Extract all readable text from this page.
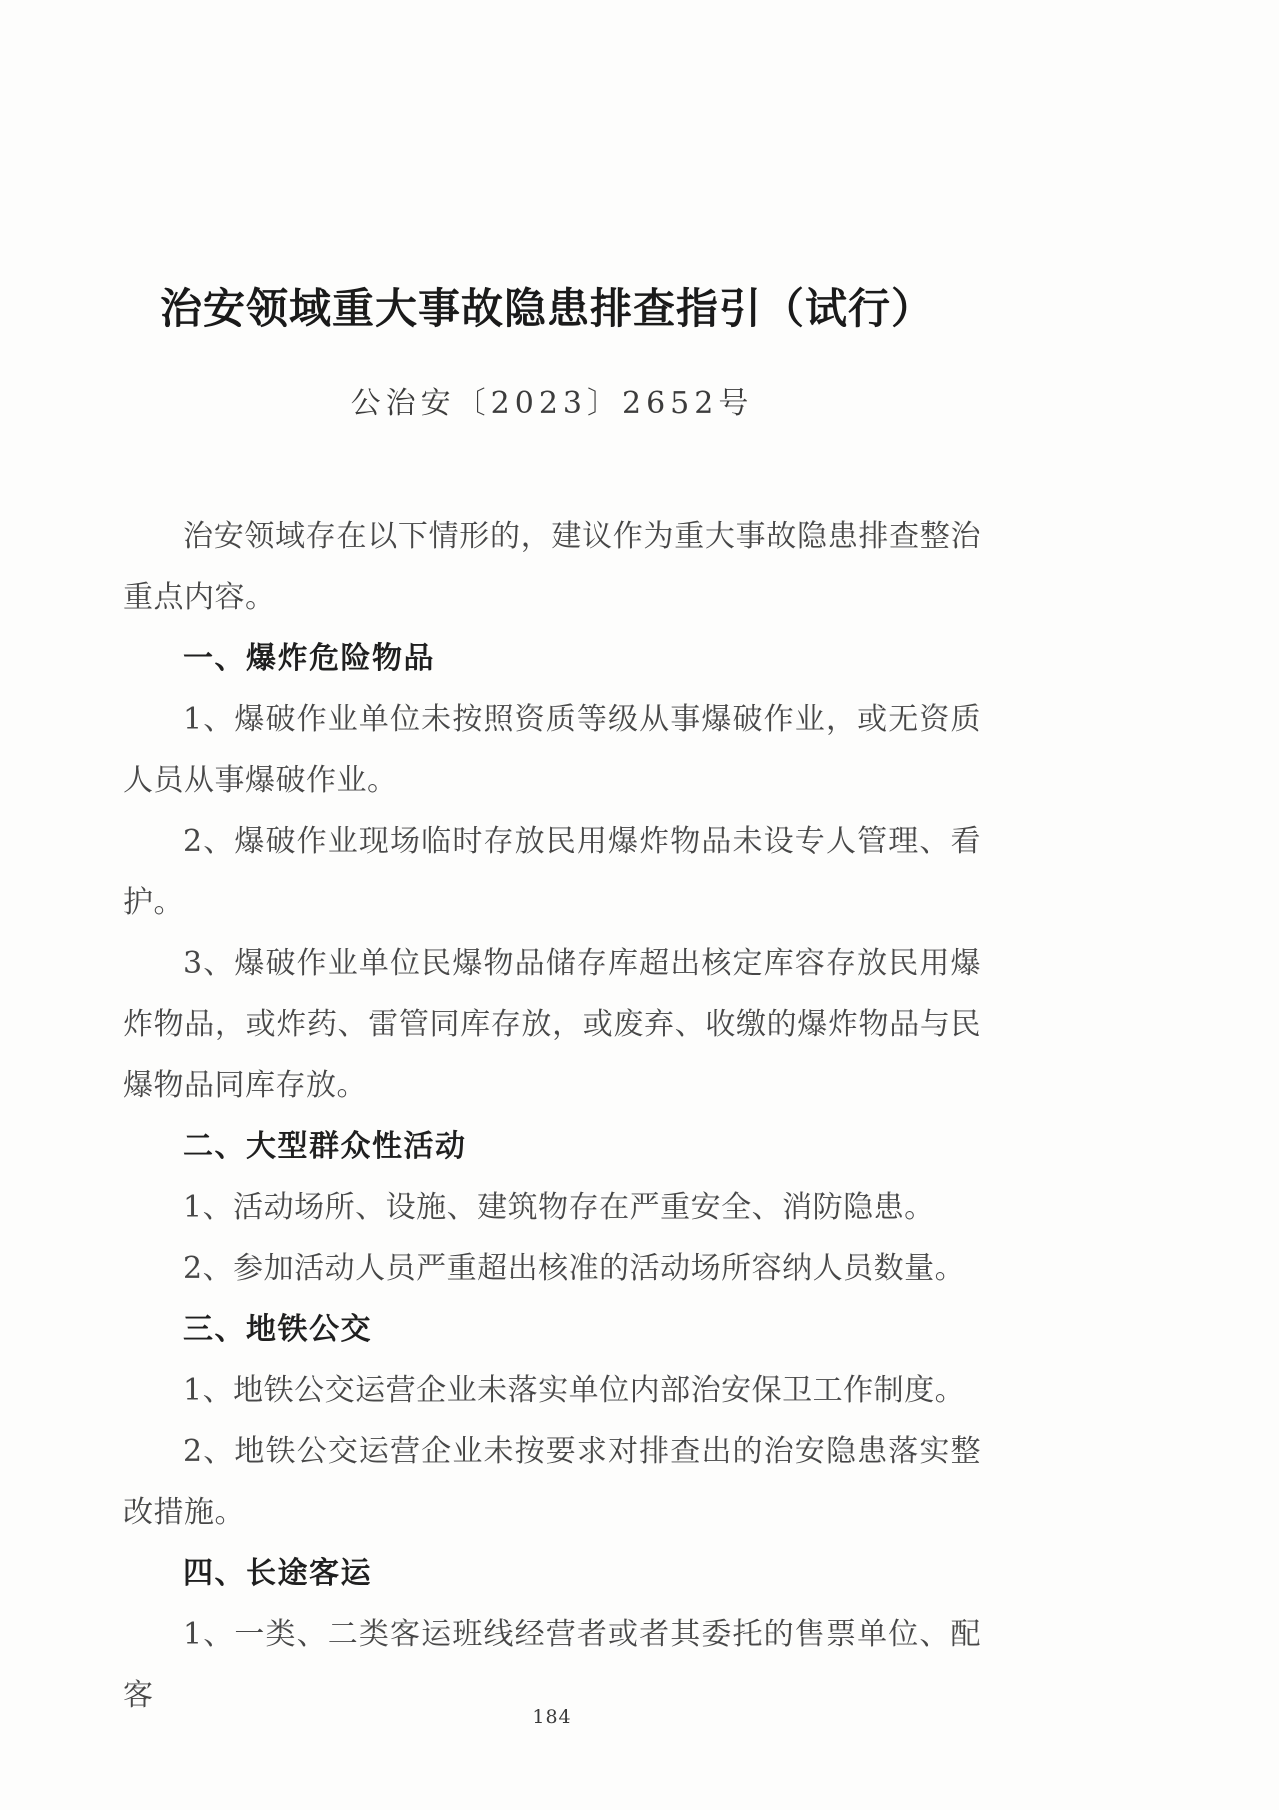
治安领域重大事故隐患排查指引（试行）
公治安〔2023〕2652号

治安领域存在以下情形的，建议作为重大事故隐患排查整治重点内容。

一、爆炸危险物品

1、爆破作业单位未按照资质等级从事爆破作业，或无资质人员从事爆破作业。

2、爆破作业现场临时存放民用爆炸物品未设专人管理、看护。

3、爆破作业单位民爆物品储存库超出核定库容存放民用爆炸物品，或炸药、雷管同库存放，或废弃、收缴的爆炸物品与民爆物品同库存放。

二、大型群众性活动

1、活动场所、设施、建筑物存在严重安全、消防隐患。

2、参加活动人员严重超出核准的活动场所容纳人员数量。

三、地铁公交

1、地铁公交运营企业未落实单位内部治安保卫工作制度。

2、地铁公交运营企业未按要求对排查出的治安隐患落实整改措施。

四、长途客运

1、一类、二类客运班线经营者或者其委托的售票单位、配客

184
